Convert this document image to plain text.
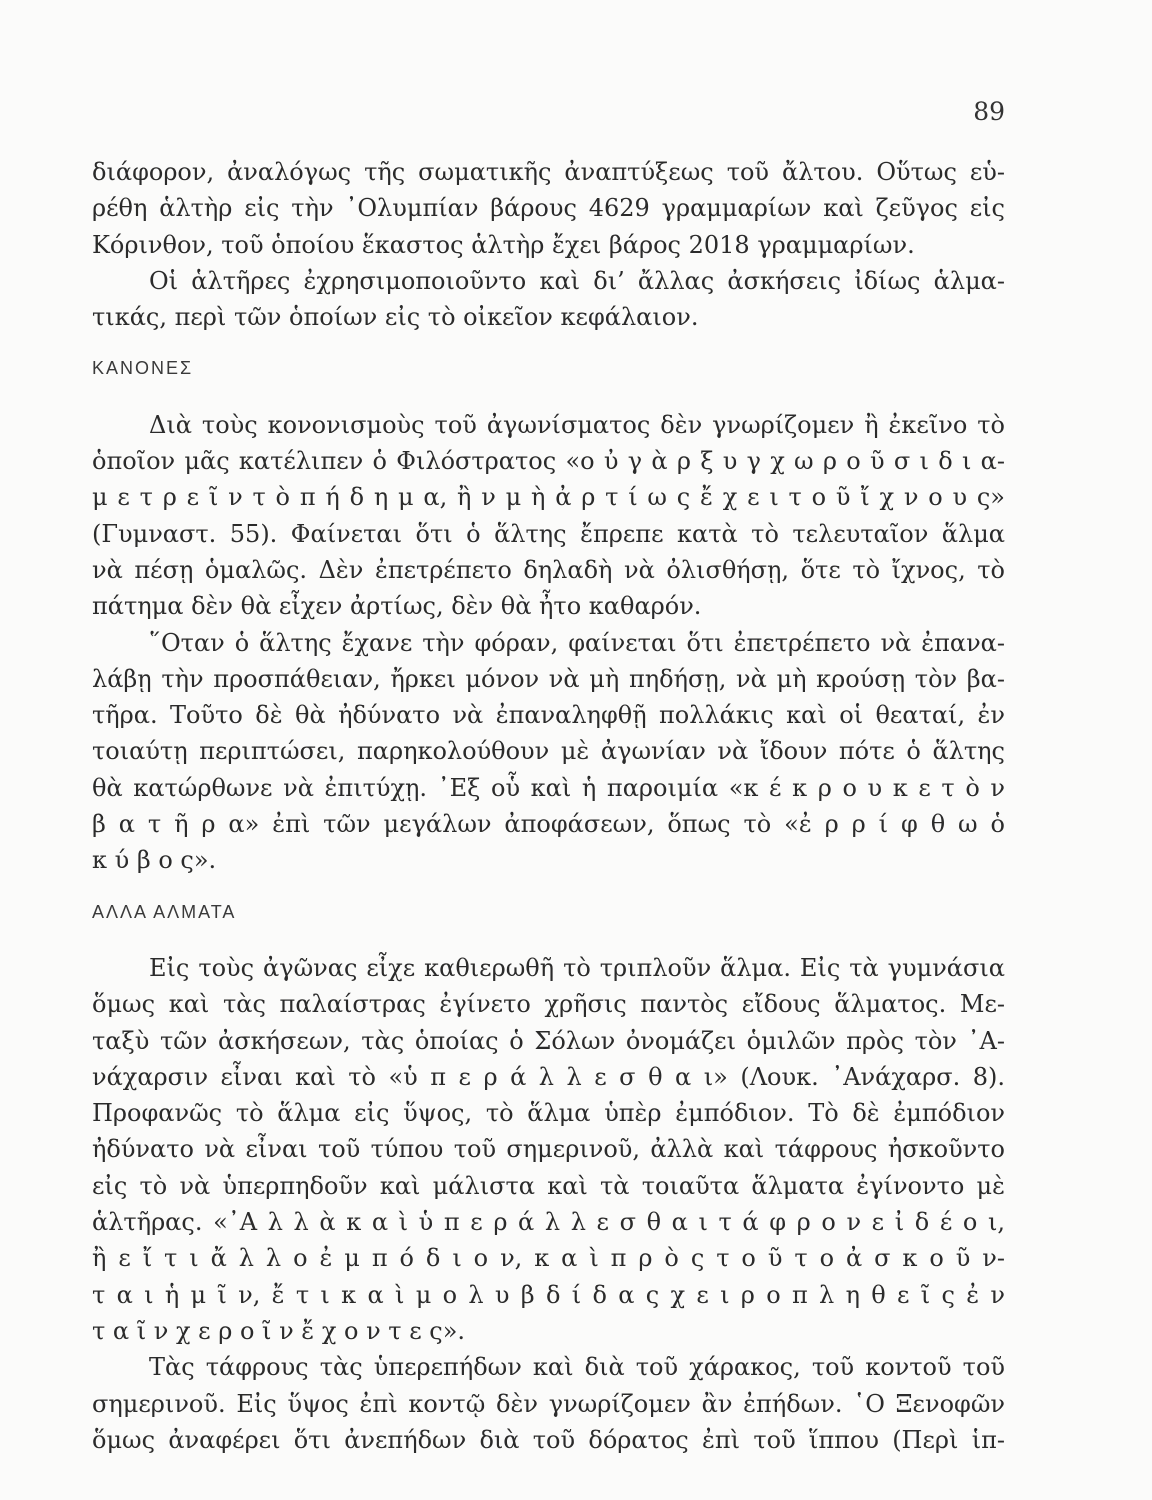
89
διάφορον, ἀναλόγως τῆς σωματικῆς ἀναπτύξεως τοῦ ἄλτου. Οὕτως εὑ-
ρέθη ἁλτὴρ εἰς τὴν ᾿Ολυμπίαν βάρους 4629 γραμμαρίων καὶ ζεῦγος εἰς
Κόρινθον, τοῦ ὁποίου ἕκαστος ἁλτὴρ ἔχει βάρος 2018 γραμμαρίων.
Οἱ ἁλτῆρες ἐχρησιμοποιοῦντο καὶ δι’ ἄλλας ἀσκήσεις ἰδίως ἁλμα-
τικάς, περὶ τῶν ὁποίων εἰς τὸ οἰκεῖον κεφάλαιον.
ΚΑΝΟΝΕΣ
Διὰ τοὺς κονονισμοὺς τοῦ ἀγωνίσματος δὲν γνωρίζομεν ἢ ἐκεῖνο τὸ
ὁποῖον μᾶς κατέλιπεν ὁ Φιλόστρατος «ο ὐ γ ὰ ρ ξ υ γ χ ω ρ ο ῦ σ ι δ ι α-
μ ε τ ρ ε ῖ ν τ ὸ π ή δ η μ α, ἢ ν μ ὴ ἀ ρ τ ί ω ς ἔ χ ε ι τ ο ῦ ἴ χ ν ο υ ς»
(Γυμναστ. 55). Φαίνεται ὅτι ὁ ἅλτης ἔπρεπε κατὰ τὸ τελευταῖον ἅλμα
νὰ πέσῃ ὁμαλῶς. Δὲν ἐπετρέπετο δηλαδὴ νὰ ὀλισθήσῃ, ὅτε τὸ ἴχνος, τὸ
πάτημα δὲν θὰ εἶχεν ἀρτίως, δὲν θὰ ἦτο καθαρόν.
῞Οταν ὁ ἅλτης ἔχανε τὴν φόραν, φαίνεται ὅτι ἐπετρέπετο νὰ ἐπανα-
λάβῃ τὴν προσπάθειαν, ἤρκει μόνον νὰ μὴ πηδήσῃ, νὰ μὴ κρούσῃ τὸν βα-
τῆρα. Τοῦτο δὲ θὰ ἠδύνατο νὰ ἐπαναληφθῇ πολλάκις καὶ οἱ θεαταί, ἐν
τοιαύτῃ περιπτώσει, παρηκολούθουν μὲ ἀγωνίαν νὰ ἴδουν πότε ὁ ἅλτης
θὰ κατώρθωνε νὰ ἐπιτύχῃ. ᾿Εξ οὗ καὶ ἡ παροιμία «κ έ κ ρ ο υ κ ε τ ὸ ν
β α τ ῆ ρ α» ἐπὶ τῶν μεγάλων ἀποφάσεων, ὅπως τὸ «ἐ ρ ρ ί φ θ ω ὁ
κ ύ β ο ς».
ΑΛΛΑ ΑΛΜΑΤΑ
Εἰς τοὺς ἀγῶνας εἶχε καθιερωθῆ τὸ τριπλοῦν ἅλμα. Εἰς τὰ γυμνάσια
ὅμως καὶ τὰς παλαίστρας ἐγίνετο χρῆσις παντὸς εἴδους ἅλματος. Με-
ταξὺ τῶν ἀσκήσεων, τὰς ὁποίας ὁ Σόλων ὀνομάζει ὁμιλῶν πρὸς τὸν ᾿Α-
νάχαρσιν εἶναι καὶ τὸ «ὑ π ε ρ ά λ λ ε σ θ α ι» (Λουκ. ᾿Ανάχαρσ. 8).
Προφανῶς τὸ ἅλμα εἰς ὕψος, τὸ ἅλμα ὑπὲρ ἐμπόδιον. Τὸ δὲ ἐμπόδιον
ἠδύνατο νὰ εἶναι τοῦ τύπου τοῦ σημερινοῦ, ἀλλὰ καὶ τάφρους ἠσκοῦντο
εἰς τὸ νὰ ὑπερπηδοῦν καὶ μάλιστα καὶ τὰ τοιαῦτα ἅλματα ἐγίνοντο μὲ
ἁλτῆρας. «᾿Α λ λ ὰ κ α ὶ ὑ π ε ρ ά λ λ ε σ θ α ι τ ά φ ρ ο ν ε ἰ δ έ ο ι,
ἢ ε ἴ τ ι ἄ λ λ ο ἐ μ π ό δ ι ο ν, κ α ὶ π ρ ὸ ς τ ο ῦ τ ο ἀ σ κ ο ῦ ν-
τ α ι ἡ μ ῖ ν, ἔ τ ι κ α ὶ μ ο λ υ β δ ί δ α ς χ ε ι ρ ο π λ η θ ε ῖ ς ἐ ν
τ α ῖ ν χ ε ρ ο ῖ ν ἔ χ ο ν τ ε ς».
Τὰς τάφρους τὰς ὑπερεπήδων καὶ διὰ τοῦ χάρακος, τοῦ κοντοῦ τοῦ
σημερινοῦ. Εἰς ὕψος ἐπὶ κοντῷ δὲν γνωρίζομεν ἂν ἐπήδων. ῾Ο Ξενοφῶν
ὅμως ἀναφέρει ὅτι ἀνεπήδων διὰ τοῦ δόρατος ἐπὶ τοῦ ἵππου (Περὶ ἱπ-
